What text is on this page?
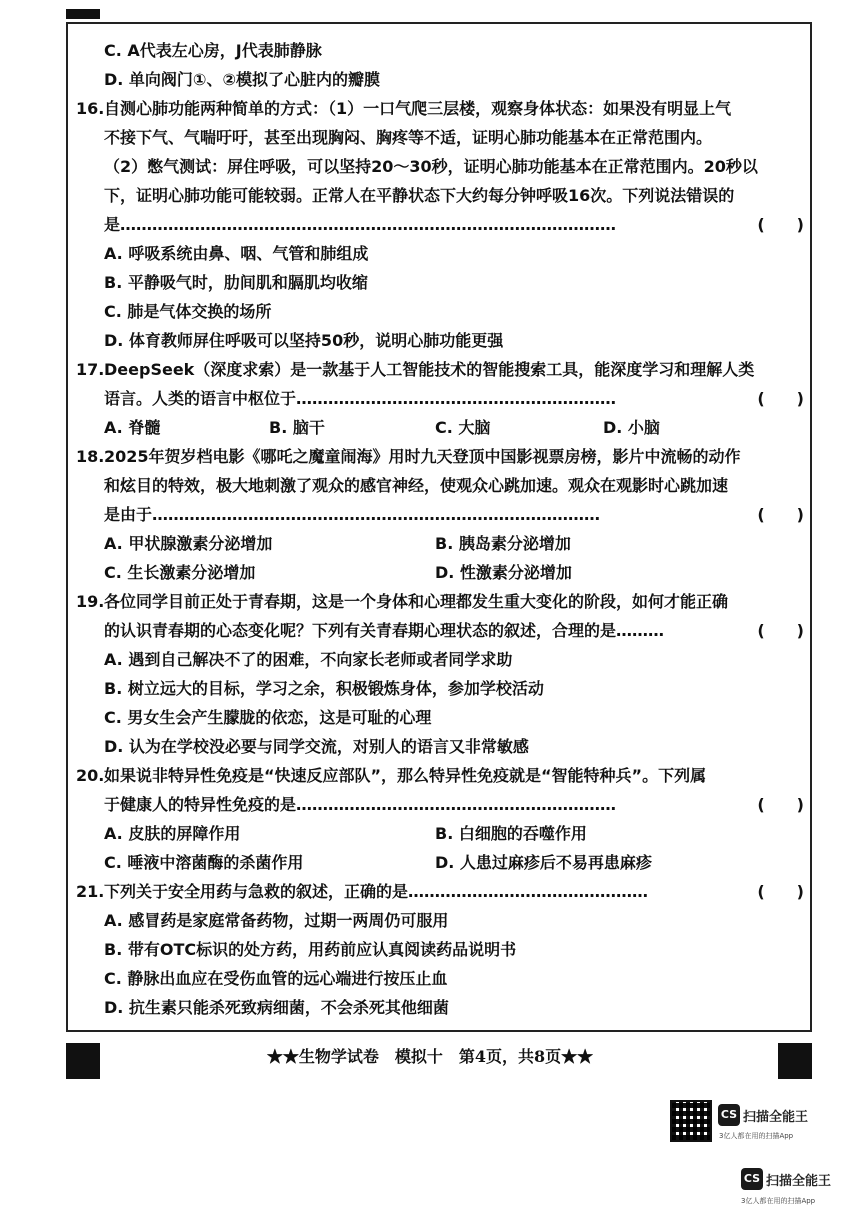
C. A代表左心房，J代表肺静脉
D. 单向阀门①、②模拟了心脏内的瓣膜
16. 自测心肺功能两种简单的方式：（1）一口气爬三层楼，观察身体状态：如果没有明显上气
不接下气、气喘吁吁，甚至出现胸闷、胸疼等不适，证明心肺功能基本在正常范围内。
（2）憋气测试：屏住呼吸，可以坚持20～30秒，证明心肺功能基本在正常范围内。20秒以
下，证明心肺功能可能较弱。正常人在平静状态下大约每分钟呼吸16次。下列说法错误的
是…………………………………………………………………………………	(　　)
A. 呼吸系统由鼻、咽、气管和肺组成
B. 平静吸气时，肋间肌和膈肌均收缩
C. 肺是气体交换的场所
D. 体育教师屏住呼吸可以坚持50秒，说明心肺功能更强
17. DeepSeek（深度求索）是一款基于人工智能技术的智能搜索工具，能深度学习和理解人类
语言。人类的语言中枢位于……………………………………………………	(　　)
A. 脊髓	B. 脑干	C. 大脑	D. 小脑
18. 2025年贺岁档电影《哪吒之魔童闹海》用时九天登顶中国影视票房榜，影片中流畅的动作
和炫目的特效，极大地刺激了观众的感官神经，使观众心跳加速。观众在观影时心跳加速
是由于…………………………………………………………………………	(　　)
A. 甲状腺激素分泌增加	B. 胰岛素分泌增加
C. 生长激素分泌增加	D. 性激素分泌增加
19. 各位同学目前正处于青春期，这是一个身体和心理都发生重大变化的阶段，如何才能正确
的认识青春期的心态变化呢？下列有关青春期心理状态的叙述，合理的是………	(　　)
A. 遇到自己解决不了的困难，不向家长老师或者同学求助
B. 树立远大的目标，学习之余，积极锻炼身体，参加学校活动
C. 男女生会产生朦胧的依恋，这是可耻的心理
D. 认为在学校没必要与同学交流，对别人的语言又非常敏感
20. 如果说非特异性免疫是“快速反应部队”，那么特异性免疫就是“智能特种兵”。下列属
于健康人的特异性免疫的是……………………………………………………	(　　)
A. 皮肤的屏障作用	B. 白细胞的吞噬作用
C. 唾液中溶菌酶的杀菌作用	D. 人患过麻疹后不易再患麻疹
21. 下列关于安全用药与急救的叙述，正确的是………………………………………	(　　)
A. 感冒药是家庭常备药物，过期一两周仍可服用
B. 带有OTC标识的处方药，用药前应认真阅读药品说明书
C. 静脉出血应在受伤血管的远心端进行按压止血
D. 抗生素只能杀死致病细菌，不会杀死其他细菌
★★生物学试卷　模拟十　第4页，共8页★★
CS 扫描全能王
3亿人都在用的扫描App
CS 扫描全能王
3亿人都在用的扫描App
